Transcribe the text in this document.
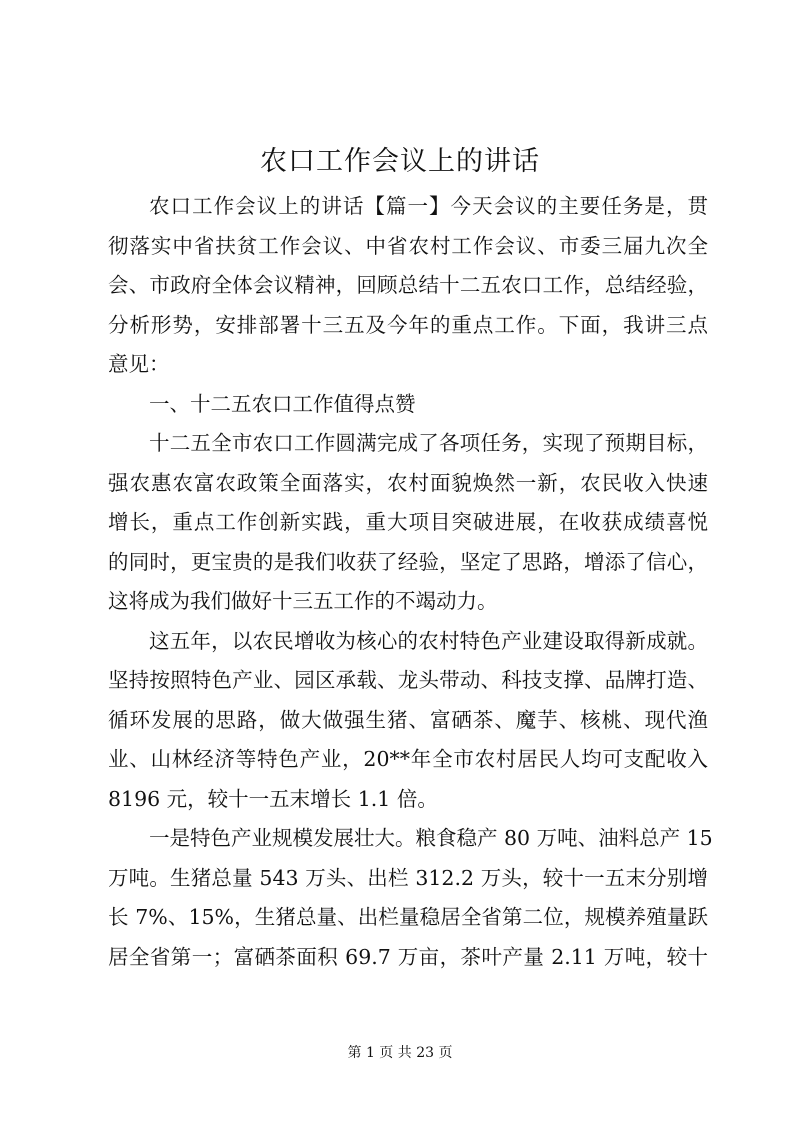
农口工作会议上的讲话
农口工作会议上的讲话【篇一】今天会议的主要任务是，贯
彻落实中省扶贫工作会议、中省农村工作会议、市委三届九次全
会、市政府全体会议精神，回顾总结十二五农口工作，总结经验，
分析形势，安排部署十三五及今年的重点工作。下面，我讲三点
意见：
一、十二五农口工作值得点赞
十二五全市农口工作圆满完成了各项任务，实现了预期目标，
强农惠农富农政策全面落实，农村面貌焕然一新，农民收入快速
增长，重点工作创新实践，重大项目突破进展，在收获成绩喜悦
的同时，更宝贵的是我们收获了经验，坚定了思路，增添了信心，
这将成为我们做好十三五工作的不竭动力。
这五年，以农民增收为核心的农村特色产业建设取得新成就。
坚持按照特色产业、园区承载、龙头带动、科技支撑、品牌打造、
循环发展的思路，做大做强生猪、富硒茶、魔芋、核桃、现代渔
业、山林经济等特色产业，20**年全市农村居民人均可支配收入
8196 元，较十一五末增长 1.1 倍。
一是特色产业规模发展壮大。粮食稳产 80 万吨、油料总产 15
万吨。生猪总量 543 万头、出栏 312.2 万头，较十一五末分别增
长 7%、15%，生猪总量、出栏量稳居全省第二位，规模养殖量跃
居全省第一；富硒茶面积 69.7 万亩，茶叶产量 2.11 万吨，较十
第 1 页 共 23 页
